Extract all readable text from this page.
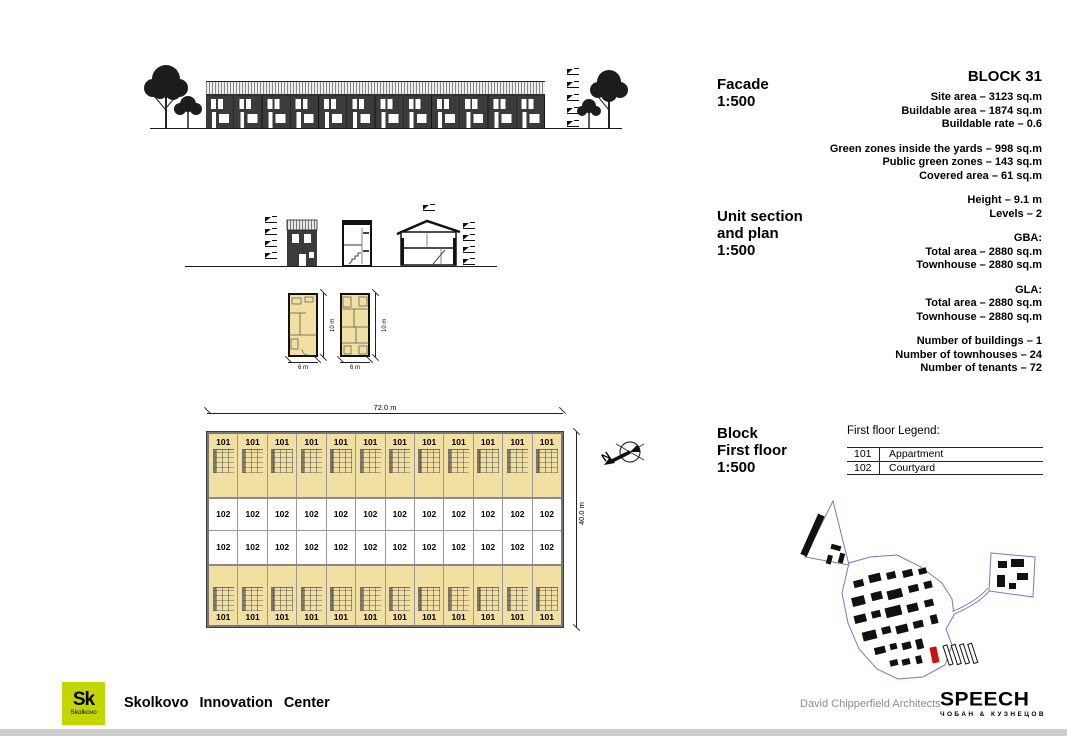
10 m	10 m
6 m	6 m
72.0 m
101 101 101 101 101 101 101 101 101 101 101 101
102 102 102 102 102 102 102 102 102 102 102 102
102 102 102 102 102 102 102 102 102 102 102 102
101 101 101 101 101 101 101 101 101 101 101 101
40.0 m
N
Facade
1:500
BLOCK 31
Site area – 3123 sq.m
Buildable area – 1874 sq.m
Buildable rate – 0.6
Green zones inside the yards – 998 sq.m
Public green zones – 143 sq.m
Covered area – 61 sq.m
Height – 9.1 m
Levels – 2
GBA:
Total area – 2880 sq.m
Townhouse – 2880 sq.m
GLA:
Total area – 2880 sq.m
Townhouse – 2880 sq.m
Number of buildings – 1
Number of townhouses – 24
Number of tenants – 72
Unit section
and plan
1:500
Block
First floor
1:500
First floor Legend:
101	Appartment
102	Courtyard
Sk
Skolkovo
Skolkovo Innovation Center	David Chipperfield Architects SPEECH
ЧОБАН & КУЗНЕЦОВ
